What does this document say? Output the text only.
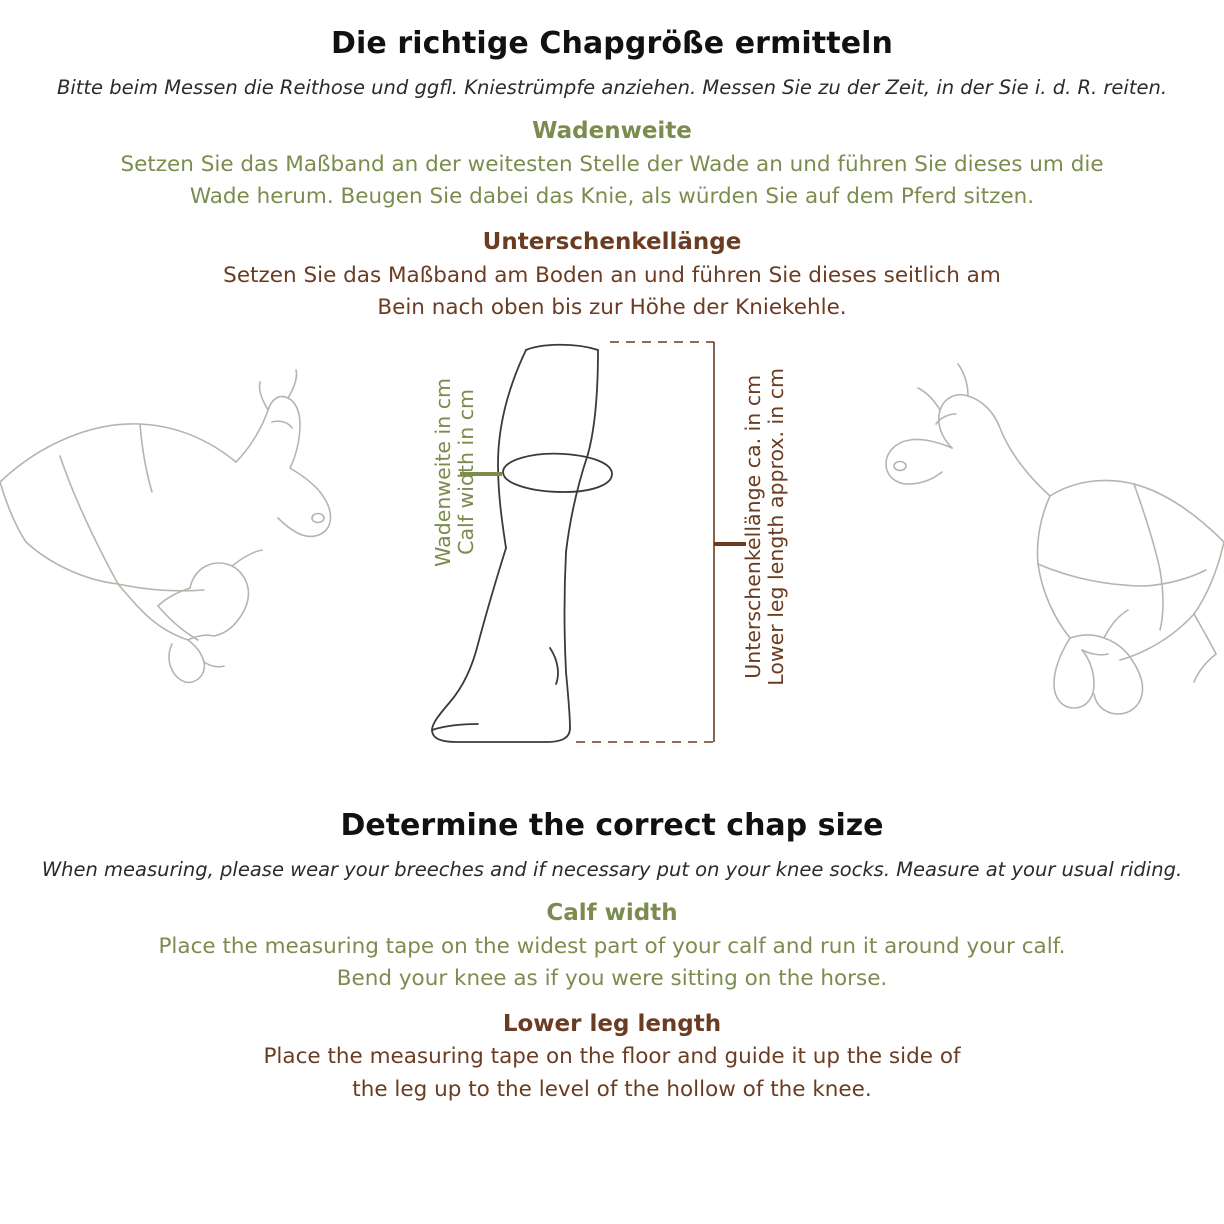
Die richtige Chapgröße ermitteln

Bitte beim Messen die Reithose und ggfl. Kniestrümpfe anziehen. Messen Sie zu der Zeit, in der Sie i. d. R. reiten.

Wadenweite

Setzen Sie das Maßband an der weitesten Stelle der Wade an und führen Sie dieses um die

Wade herum. Beugen Sie dabei das Knie, als würden Sie auf dem Pferd sitzen.

Unterschenkellänge

Setzen Sie das Maßband am Boden an und führen Sie dieses seitlich am

Bein nach oben bis zur Höhe der Kniekehle.

Wadenweite in cm
Calf width in cm	Unterschenkellänge ca. in cm
Lower leg length approx. in cm
Determine the correct chap size

When measuring, please wear your breeches and if necessary put on your knee socks. Measure at your usual riding.

Calf width

Place the measuring tape on the widest part of your calf and run it around your calf.

Bend your knee as if you were sitting on the horse.

Lower leg length

Place the measuring tape on the floor and guide it up the side of

the leg up to the level of the hollow of the knee.
